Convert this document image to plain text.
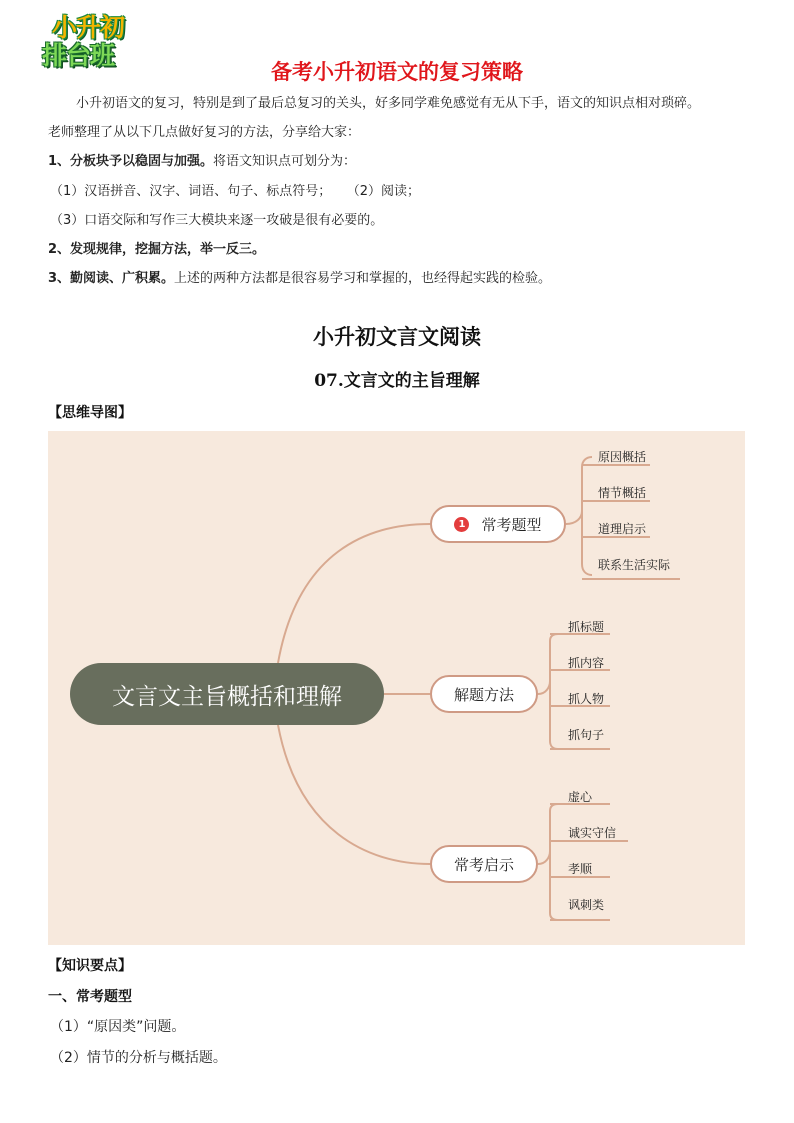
小升初
排台班
备考小升初语文的复习策略
小升初语文的复习，特别是到了最后总复习的关头，好多同学难免感觉有无从下手，语文的知识点相对琐碎。
老师整理了从以下几点做好复习的方法，分享给大家：
1、分板块予以稳固与加强。将语文知识点可划分为：
（1）汉语拼音、汉字、词语、句子、标点符号； （2）阅读；
（3）口语交际和写作三大模块来逐一攻破是很有必要的。
2、发现规律，挖掘方法，举一反三。
3、勤阅读、广积累。上述的两种方法都是很容易学习和掌握的，也经得起实践的检验。
小升初文言文阅读
07.文言文的主旨理解
【思维导图】
文言文主旨概括和理解
1 常考题型
解题方法
常考启示
原因概括
情节概括
道理启示
联系生活实际
抓标题
抓内容
抓人物
抓句子
虚心
诚实守信
孝顺
讽刺类
【知识要点】
一、常考题型
（1）“原因类”问题。
（2）情节的分析与概括题。
